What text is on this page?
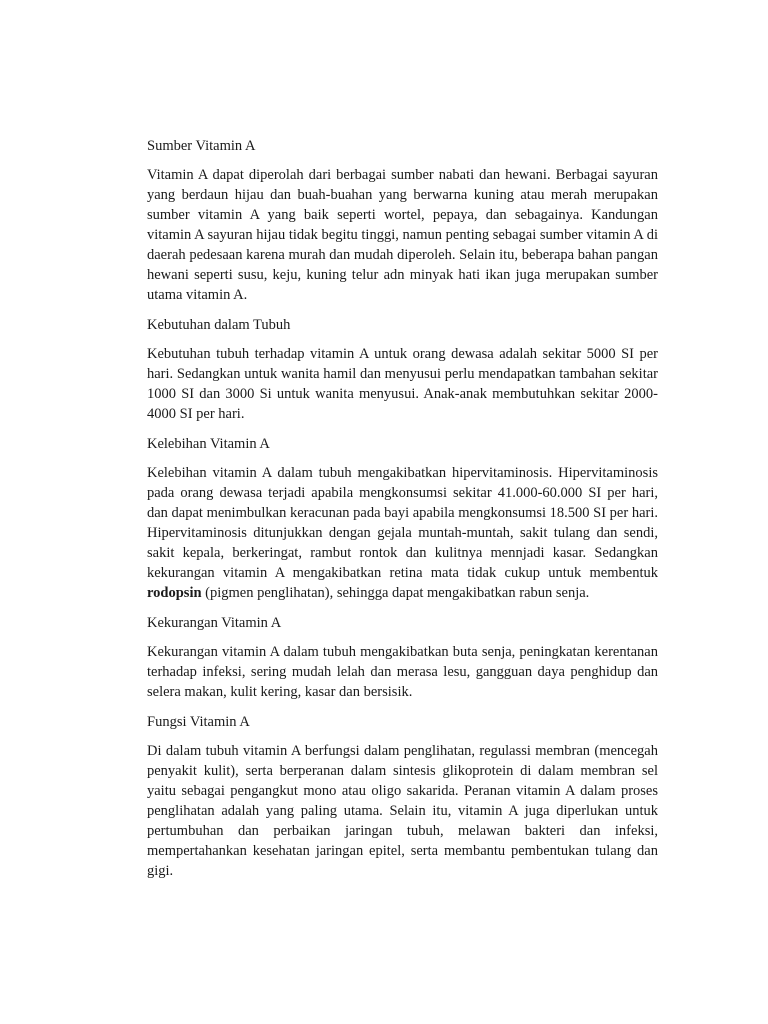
Sumber Vitamin A

Vitamin A dapat diperolah dari berbagai sumber nabati dan hewani. Berbagai sayuran yang berdaun hijau dan buah-buahan yang berwarna kuning atau merah merupakan sumber vitamin A yang baik seperti wortel, pepaya, dan sebagainya. Kandungan vitamin A sayuran hijau tidak begitu tinggi, namun penting sebagai sumber vitamin A di daerah pedesaan karena murah dan mudah diperoleh. Selain itu, beberapa bahan pangan hewani seperti susu, keju, kuning telur adn minyak hati ikan juga merupakan sumber utama vitamin A.

Kebutuhan dalam Tubuh

Kebutuhan tubuh terhadap vitamin A untuk orang dewasa adalah sekitar 5000 SI per hari. Sedangkan untuk wanita hamil dan menyusui perlu mendapatkan tambahan sekitar 1000 SI dan 3000 Si untuk wanita menyusui. Anak-anak membutuhkan sekitar 2000-4000 SI per hari.

Kelebihan Vitamin A

Kelebihan vitamin A dalam tubuh mengakibatkan hipervitaminosis. Hipervitaminosis pada orang dewasa terjadi apabila mengkonsumsi sekitar 41.000-60.000 SI per hari, dan dapat menimbulkan keracunan pada bayi apabila mengkonsumsi 18.500 SI per hari. Hipervitaminosis ditunjukkan dengan gejala muntah-muntah, sakit tulang dan sendi, sakit kepala, berkeringat, rambut rontok dan kulitnya mennjadi kasar. Sedangkan kekurangan vitamin A mengakibatkan retina mata tidak cukup untuk membentuk rodopsin (pigmen penglihatan), sehingga dapat mengakibatkan rabun senja.

Kekurangan Vitamin A

Kekurangan vitamin A dalam tubuh mengakibatkan buta senja, peningkatan kerentanan terhadap infeksi, sering mudah lelah dan merasa lesu, gangguan daya penghidup dan selera makan, kulit kering, kasar dan bersisik.

Fungsi Vitamin A

Di dalam tubuh vitamin A berfungsi dalam penglihatan, regulassi membran (mencegah penyakit kulit), serta berperanan dalam sintesis glikoprotein di dalam membran sel yaitu sebagai pengangkut mono atau oligo sakarida. Peranan vitamin A dalam proses penglihatan adalah yang paling utama. Selain itu, vitamin A juga diperlukan untuk pertumbuhan dan perbaikan jaringan tubuh, melawan bakteri dan infeksi, mempertahankan kesehatan jaringan epitel, serta membantu pembentukan tulang dan gigi.
